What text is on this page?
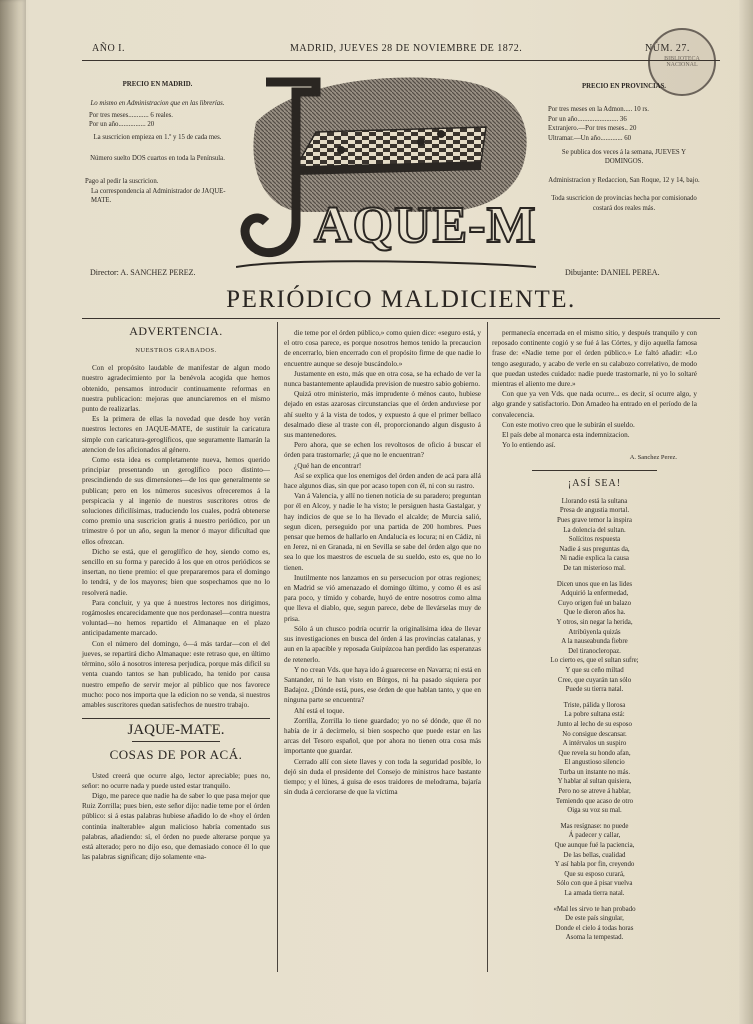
AÑO I.	MADRID, JUEVES 28 DE NOVIEMBRE DE 1872.	NÚM. 27.
BIBLIOTECA NACIONAL
PRECIO EN MADRID.
Lo mismo en Administracion que en las librerías.
Por tres meses............ 6 reales.
Por un año................ 20
La suscricion empieza en 1.º y 15 de cada mes.
Número suelto DOS cuartos en toda la Península.
Pago al pedir la suscricion.
La correspondencia al Administrador de JAQUE-MATE.	AQUE-M
PRECIO EN PROVINCIAS.
Por tres meses en la Admon..... 10 rs.
Por un año........................ 36
Extranjero.—Por tres meses.. 20
Ultramar.—Un año............. 60
Se publica dos veces á la semana, JUEVES Y DOMINGOS.
Administracion y Redaccion, San Roque, 12 y 14, bajo.
Toda suscricion de provincias hecha por comisionado costará dos reales más.
Director: A. SANCHEZ PEREZ.	Dibujante: DANIEL PEREA.
PERIÓDICO MALDICIENTE.
ADVERTENCIA.
NUESTROS GRABADOS.

Con el propósito laudable de manifestar de algun modo nuestro agradecimiento por la benévola acogida que hemos obtenido, pensamos introducir continuamente reformas en nuestra publicacion: mejoras que anunciaremos en el mismo punto de realizarlas.

Es la primera de ellas la novedad que desde hoy verán nuestros lectores en JAQUE-MATE, de sustituir la caricatura simple con caricatura-geroglíficos, que seguramente llamarán la atencion de los aficionados al género.

Como esta idea es completamente nueva, hemos querido principiar presentando un geroglífico poco distinto—prescindiendo de sus dimensiones—de los que generalmente se publican; pero en los números sucesivos ofreceremos á la perspicacia y al ingenio de nuestros suscritores otros de soluciones dificilísimas, traduciendo los cuales, podrá obtenerse como premio una suscricion gratis á nuestro periódico, por un trimestre ó por un año, segun la menor ó mayor dificultad que ellos ofrezcan.

Dicho se está, que el geroglífico de hoy, siendo como es, sencillo en su forma y parecido á los que en otros periódicos se insertan, no tiene premio: el que prepararemos para el domingo lo tendrá, y de los mayores; bien que sospechamos que no lo resolverá nadie.

Para concluir, y ya que á nuestros lectores nos dirigimos, rogámosles encarecidamente que nos perdonasel—contra nuestra voluntad—no hemos repartido el Almanaque en el plazo anticipadamente marcado.

Con el número del domingo, ó—á más tardar—con el del jueves, se repartirá dicho Almanaque: este retraso que, en último término, sólo á nosotros interesa perjudica, porque más difícil su venta cuando tantos se han publicado, ha tenido por causa nuestro empeño de servir mejor al público que nos favorece mucho: poco nos importa que la edicion no se venda, si nuestros amables suscritores quedan satisfechos de nuestro trabajo.

JAQUE-MATE.
COSAS DE POR ACÁ.

Usted creerá que ocurre algo, lector apreciable; pues no, señor: no ocurre nada y puede usted estar tranquilo.

Digo, me parece que nadie ha de saber lo que pasa mejor que Ruiz Zorrilla; pues bien, este señor dijo: nadie teme por el órden público: si á estas palabras hubiese añadido lo de «hoy el órden continúa inalterable» algun malicioso habría comentado sus palabras, añadiendo: sí, el órden no puede alterarse porque ya está alterado; pero no dijo eso, que demasiado conoce él lo que las palabras significan; dijo solamente «na-

die teme por el órden público,» como quien dice: «seguro está, y el otro cosa parece, es porque nosotros hemos tenido la precaucion de encerrarlo, bien encerrado con el propósito firme de que nadie lo encuentre aunque se desoje buscándolo.»

Justamente en esto, más que en otra cosa, se ha echado de ver la nunca bastantemente aplaudida prevision de nuestro sabio gobierno.

Quizá otro ministerio, más imprudente ó ménos cauto, hubiese dejado en estas azarosas circunstancias que el órden anduviese por ahí suelto y á la vista de todos, y expuesto á que el primer bellaco desalmado diese al traste con él, proporcionando algun disgusto á sus mantenedores.

Pero ahora, que se echen los revoltosos de oficio á buscar el órden para trastornarle; ¿á que no le encuentran?

¿Qué han de encontrar!

Así se explica que los enemigos del órden anden de acá para allá hace algunos dias, sin que por acaso topen con él, ni con su rastro.

Van á Valencia, y allí no tienen noticia de su paradero; preguntan por él en Alcoy, y nadie le ha visto; le persiguen hasta Gastalgar, y hay indicios de que se lo ha llevado el alcalde; de Murcia salió, segun dicen, perseguido por una partida de 200 hombres. Pues pensar que hemos de hallarlo en Andalucía es locura; ni en Cádiz, ni en Jerez, ni en Granada, ni en Sevilla se sabe del órden algo que no sea lo que los maestros de escuela de su sueldo, esto es, que no lo tienen.

Inutilmente nos lanzamos en su persecucion por otras regiones; en Madrid se vió amenazado el domingo último, y como él es así para poco, y tímido y cobarde, huyó de entre nosotros como alma que lleva el diablo, que, segun parece, debe de llevárselas muy de prisa.

Sólo á un chusco podría ocurrir la originalísima idea de llevar sus investigaciones en busca del órden á las provincias catalanas, y aun en la apacible y reposada Guipúzcoa han perdido las esperanzas de retenerlo.

Y no crean Vds. que haya ido á guarecerse en Navarra; ni está en Santander, ni le han visto en Búrgos, ni ha pasado siquiera por Badajoz. ¿Dónde está, pues, ese órden de que hablan tanto, y que en ninguna parte se encuentra?

Ahí está el toque.

Zorrilla, Zorrilla lo tiene guardado; yo no sé dónde, que él no había de ir á decírmelo, si bien sospecho que puede estar en las arcas del Tesoro español, que por ahora no tienen otra cosa más importante que guardar.

Cerrado allí con siete llaves y con toda la seguridad posible, lo dejó sin duda el presidente del Consejo de ministros hace bastante tiempo; y el lúnes, á guisa de esos traidores de melodrama, bajaría sin duda á cerciorarse de que la víctima

permanecía encerrada en el mismo sitio, y después tranquilo y con reposado continente cogió y se fué á las Córtes, y dijo aquella famosa frase de: «Nadie teme por el órden público.» Le faltó añadir: «Lo tengo asegurado, y acabo de verle en su calabozo correlativo, de modo que puedan ustedes cuidado: nadie puede trastornarle, ni yo lo soltaré mientras el aliento me dure.»

Con que ya ven Vds. que nada ocurre... es decir, sí ocurre algo, y algo grande y satisfactorio. Don Amadeo ha entrado en el período de la convalecencia.

Con este motivo creo que le subirán el sueldo.

El país debe al monarca esta indemnizacion.

Yo lo entiendo así.

A. Sanchez Perez.
¡ASÍ SEA!
Llorando está la sultana
Presa de angustia mortal.
Pues grave temor la inspira
La dolencia del sultan.
Solícitos respuesta
Nadie á sus preguntas da,
Ni nadie explica la causa
De tan misterioso mal.
Dicen unos que en las lides
Adquirió la enfermedad,
Cuyo origen fué un balazo
Que le dieron años ha.
Y otros, sin negar la herida,
Atribúyenla quizás
A la nauseabunda fiebre
Del tiranocleropaz.
Lo cierto es, que el sultan sufre;
Y que su ceño miltad
Cree, que cuyarán tan sólo
Puede su tierra natal.
Triste, pálida y llorosa
La pobre sultana está:
Junto al lecho de su esposo
No consigue descansar.
A intérvalos un suspiro
Que revela su hondo afan,
El angustioso silencio
Turba un instante no más.
Y hablar al sultan quisiera,
Pero no se atreve á hablar,
Temiendo que acaso de otro
Oiga su voz su mal.
Mas resígnase: no puede
Á padecer y callar,
Que aunque fué la paciencia,
De las bellas, cualidad
Y así habla por fin, creyendo
Que su esposo curará,
Sólo con que á pisar vuelva
La amada tierra natal.
«Mal les sirvo te han probado
De este país singular,
Donde el cielo á todas horas
Asoma la tempestad.
